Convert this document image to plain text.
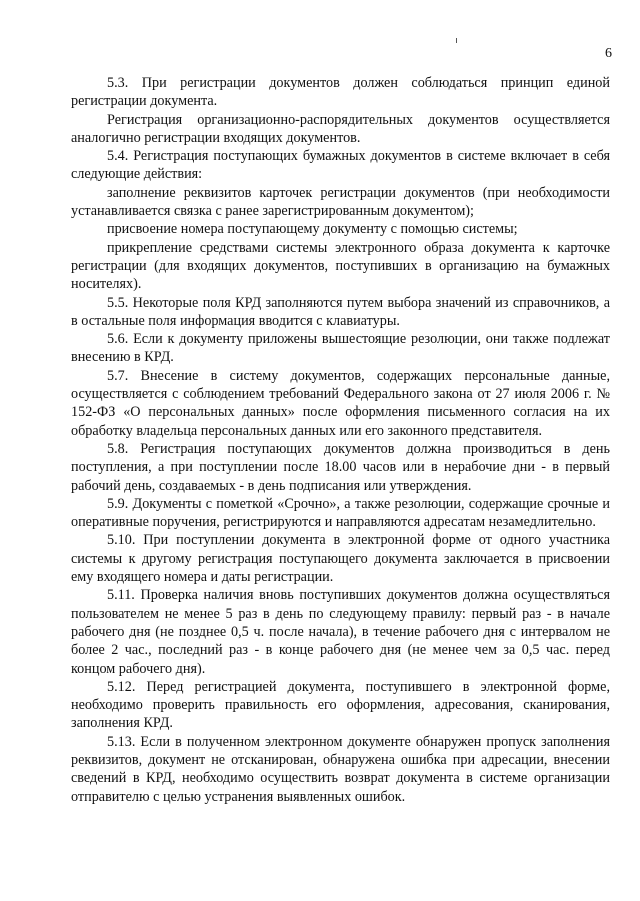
6

5.3. При регистрации документов должен соблюдаться принцип единой регистрации документа.

Регистрация организационно-распорядительных документов осуществляется аналогично регистрации входящих документов.

5.4. Регистрация поступающих бумажных документов в системе включает в себя следующие действия:

заполнение реквизитов карточек регистрации документов (при необходимости устанавливается связка с ранее зарегистрированным документом);

присвоение номера поступающему документу с помощью системы;

прикрепление средствами системы электронного образа документа к карточке регистрации (для входящих документов, поступивших в организацию на бумажных носителях).

5.5. Некоторые поля КРД заполняются путем выбора значений из справочников, а в остальные поля информация вводится с клавиатуры.

5.6. Если к документу приложены вышестоящие резолюции, они также подлежат внесению в КРД.

5.7. Внесение в систему документов, содержащих персональные данные, осуществляется с соблюдением требований Федерального закона от 27 июля 2006 г. № 152-ФЗ «О персональных данных» после оформления письменного согласия на их обработку владельца персональных данных или его законного представителя.

5.8. Регистрация поступающих документов должна производиться в день поступления, а при поступлении после 18.00 часов или в нерабочие дни - в первый рабочий день, создаваемых - в день подписания или утверждения.

5.9. Документы с пометкой «Срочно», а также резолюции, содержащие срочные и оперативные поручения, регистрируются и направляются адресатам незамедлительно.

5.10. При поступлении документа в электронной форме от одного участника системы к другому регистрация поступающего документа заключается в присвоении ему входящего номера и даты регистрации.

5.11. Проверка наличия вновь поступивших документов должна осуществляться пользователем не менее 5 раз в день по следующему правилу: первый раз - в начале рабочего дня (не позднее 0,5 ч. после начала), в течение рабочего дня с интервалом не более 2 час., последний раз - в конце рабочего дня (не менее чем за 0,5 час. перед концом рабочего дня).

5.12. Перед регистрацией документа, поступившего в электронной форме, необходимо проверить правильность его оформления, адресования, сканирования, заполнения КРД.

5.13. Если в полученном электронном документе обнаружен пропуск заполнения реквизитов, документ не отсканирован, обнаружена ошибка при адресации, внесении сведений в КРД, необходимо осуществить возврат документа в системе организации отправителю с целью устранения выявленных ошибок.
